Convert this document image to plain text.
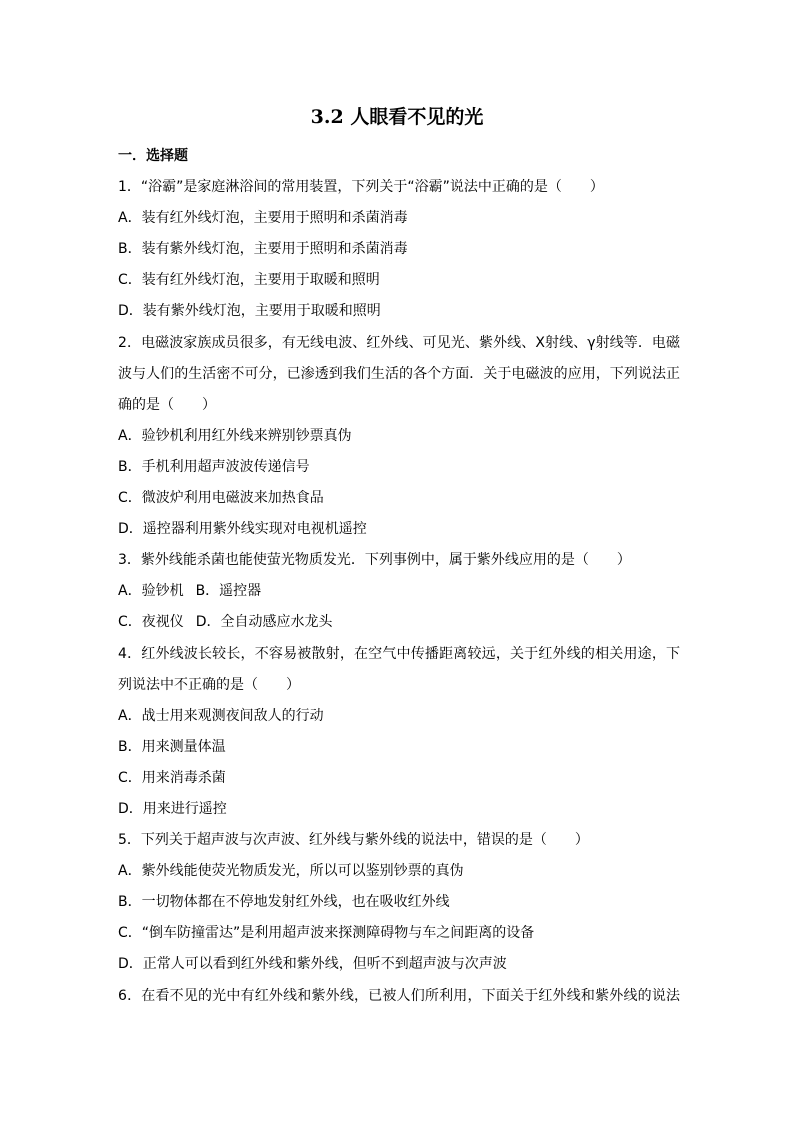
3.2 人眼看不见的光
一．选择题
1．“浴霸”是家庭淋浴间的常用装置，下列关于“浴霸”说法中正确的是（　　）
A．装有红外线灯泡，主要用于照明和杀菌消毒
B．装有紫外线灯泡，主要用于照明和杀菌消毒
C．装有红外线灯泡，主要用于取暖和照明
D．装有紫外线灯泡，主要用于取暖和照明
2．电磁波家族成员很多，有无线电波、红外线、可见光、紫外线、X射线、γ射线等．电磁
波与人们的生活密不可分，已渗透到我们生活的各个方面．关于电磁波的应用，下列说法正
确的是（　　）
A．验钞机利用红外线来辨别钞票真伪
B．手机利用超声波波传递信号
C．微波炉利用电磁波来加热食品
D．遥控器利用紫外线实现对电视机遥控
3．紫外线能杀菌也能使萤光物质发光．下列事例中，属于紫外线应用的是（　　）
A．验钞机 B．遥控器
C．夜视仪 D．全自动感应水龙头
4．红外线波长较长，不容易被散射，在空气中传播距离较远，关于红外线的相关用途，下
列说法中不正确的是（　　）
A．战士用来观测夜间敌人的行动
B．用来测量体温
C．用来消毒杀菌
D．用来进行遥控
5．下列关于超声波与次声波、红外线与紫外线的说法中，错误的是（　　）
A．紫外线能使荧光物质发光，所以可以鉴别钞票的真伪
B．一切物体都在不停地发射红外线，也在吸收红外线
C．“倒车防撞雷达”是利用超声波来探测障碍物与车之间距离的设备
D．正常人可以看到红外线和紫外线，但听不到超声波与次声波
6．在看不见的光中有红外线和紫外线，已被人们所利用，下面关于红外线和紫外线的说法
